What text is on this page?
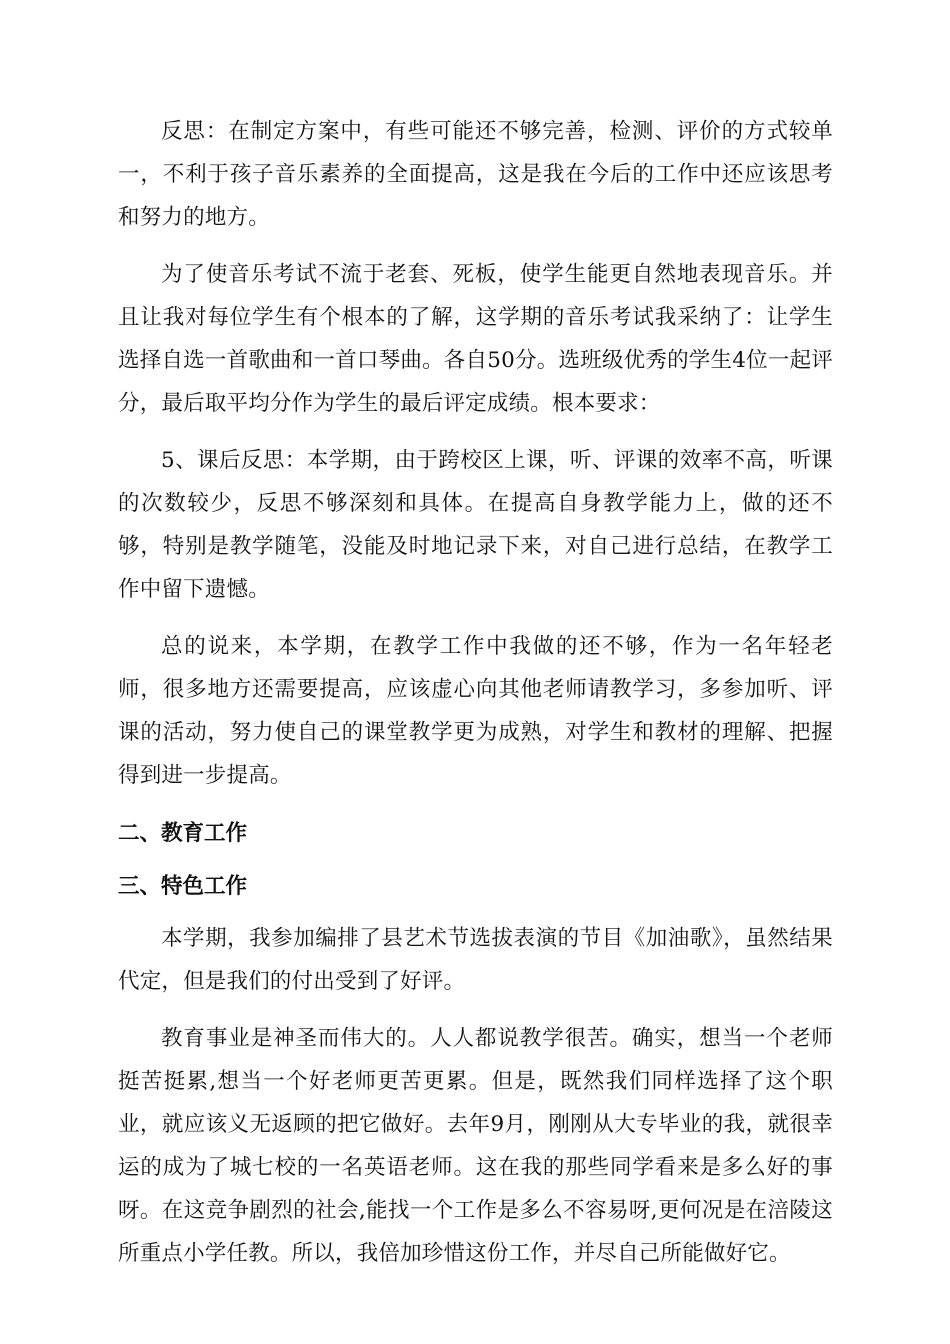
反思：在制定方案中，有些可能还不够完善，检测、评价的方式较单一，不利于孩子音乐素养的全面提高，这是我在今后的工作中还应该思考和努力的地方。

为了使音乐考试不流于老套、死板，使学生能更自然地表现音乐。并且让我对每位学生有个根本的了解，这学期的音乐考试我采纳了：让学生选择自选一首歌曲和一首口琴曲。各自50分。选班级优秀的学生4位一起评分，最后取平均分作为学生的最后评定成绩。根本要求：

5、课后反思：本学期，由于跨校区上课，听、评课的效率不高，听课的次数较少，反思不够深刻和具体。在提高自身教学能力上，做的还不够，特别是教学随笔，没能及时地记录下来，对自己进行总结，在教学工作中留下遗憾。

总的说来，本学期，在教学工作中我做的还不够，作为一名年轻老师，很多地方还需要提高，应该虚心向其他老师请教学习，多参加听、评课的活动，努力使自己的课堂教学更为成熟，对学生和教材的理解、把握得到进一步提高。

二、教育工作
三、特色工作

本学期，我参加编排了县艺术节选拔表演的节目《加油歌》，虽然结果代定，但是我们的付出受到了好评。

教育事业是神圣而伟大的。人人都说教学很苦。确实，想当一个老师挺苦挺累,想当一个好老师更苦更累。但是，既然我们同样选择了这个职业，就应该义无返顾的把它做好。去年9月，刚刚从大专毕业的我，就很幸运的成为了城七校的一名英语老师。这在我的那些同学看来是多么好的事呀。在这竞争剧烈的社会,能找一个工作是多么不容易呀,更何况是在涪陵这所重点小学任教。所以，我倍加珍惜这份工作，并尽自己所能做好它。
